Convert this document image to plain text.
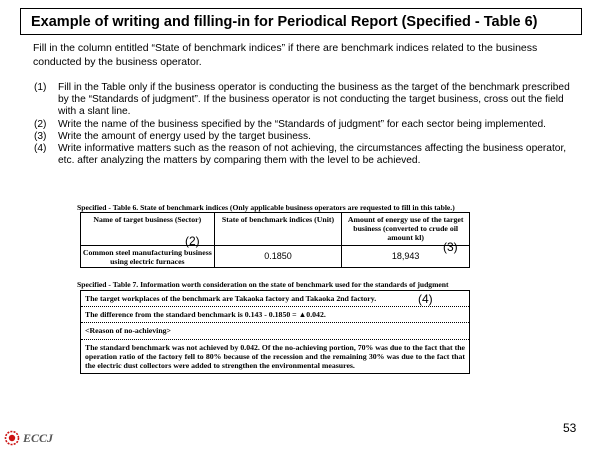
Example of writing and filling-in for Periodical Report (Specified - Table 6)
Fill in the column entitled “State of benchmark indices” if there are benchmark indices related to the business conducted by the business operator.
(1)	Fill in the Table only if the business operator is conducting the business as the target of the benchmark prescribed by the “Standards of judgment”. If the business operator is not conducting the target business, cross out the field with a slant line.
(2)	Write the name of the business specified by the “Standards of judgment” for each sector being implemented.
(3)	Write the amount of energy used by the target business.
(4)	Write informative matters such as the reason of not achieving, the circumstances affecting the business operator, etc. after analyzing the matters by comparing them with the level to be achieved.
Specified - Table 6. State of benchmark indices (Only applicable business operators are requested to fill in this table.)
Name of target business (Sector)	State of benchmark indices (Unit)	Amount of energy use of the target business (converted to crude oil amount kl)
Common steel manufacturing business using electric furnaces	0.1850	18,943
(2)	(3)
Specified - Table 7. Information worth consideration on the state of benchmark used for the standards of judgment
The target workplaces of the benchmark are Takaoka factory and Takaoka 2nd factory.
The difference from the standard benchmark is 0.143 - 0.1850 = ▲0.042.
<Reason of no-achieving>
The standard benchmark was not achieved by 0.042. Of the no-achieving portion, 70% was due to the fact that the operation ratio of the factory fell to 80% because of the recession and the remaining 30% was due to the fact that the electric dust collectors were added to strengthen the environmental measures.
(4)
ECCJ
53
